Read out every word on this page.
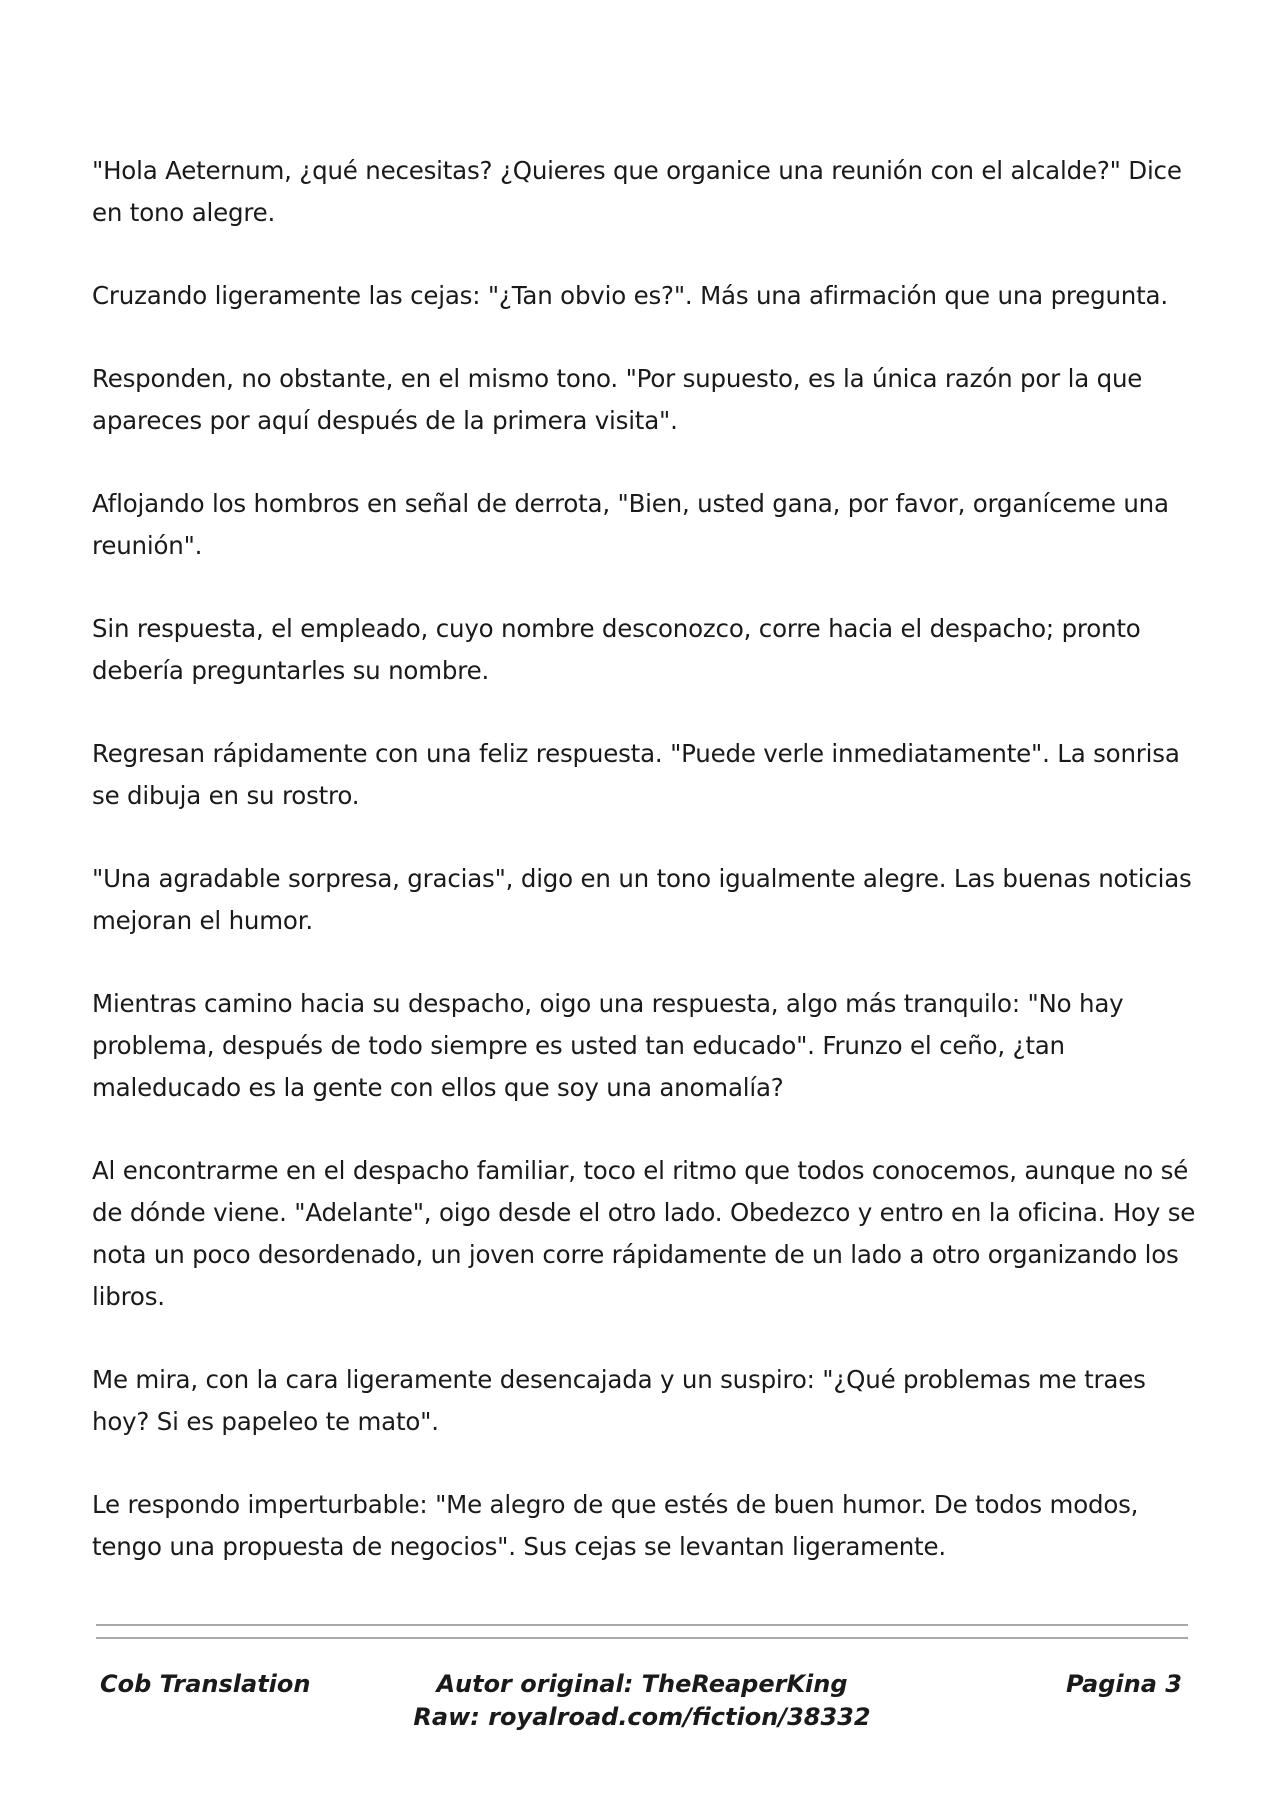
"Hola Aeternum, ¿qué necesitas? ¿Quieres que organice una reunión con el alcalde?" Dice en tono alegre.

Cruzando ligeramente las cejas: "¿Tan obvio es?". Más una afirmación que una pregunta.

Responden, no obstante, en el mismo tono. "Por supuesto, es la única razón por la que apareces por aquí después de la primera visita".

Aflojando los hombros en señal de derrota, "Bien, usted gana, por favor, organíceme una reunión".

Sin respuesta, el empleado, cuyo nombre desconozco, corre hacia el despacho; pronto debería preguntarles su nombre.

Regresan rápidamente con una feliz respuesta. "Puede verle inmediatamente". La sonrisa se dibuja en su rostro.

"Una agradable sorpresa, gracias", digo en un tono igualmente alegre. Las buenas noticias mejoran el humor.

Mientras camino hacia su despacho, oigo una respuesta, algo más tranquilo: "No hay problema, después de todo siempre es usted tan educado". Frunzo el ceño, ¿tan maleducado es la gente con ellos que soy una anomalía?

Al encontrarme en el despacho familiar, toco el ritmo que todos conocemos, aunque no sé de dónde viene. "Adelante", oigo desde el otro lado. Obedezco y entro en la oficina. Hoy se nota un poco desordenado, un joven corre rápidamente de un lado a otro organizando los libros.

Me mira, con la cara ligeramente desencajada y un suspiro: "¿Qué problemas me traes hoy? Si es papeleo te mato".

Le respondo imperturbable: "Me alegro de que estés de buen humor. De todos modos, tengo una propuesta de negocios". Sus cejas se levantan ligeramente.

Cob Translation	Autor original: TheReaperKing
Raw: royalroad.com/fiction/38332
Pagina 3
